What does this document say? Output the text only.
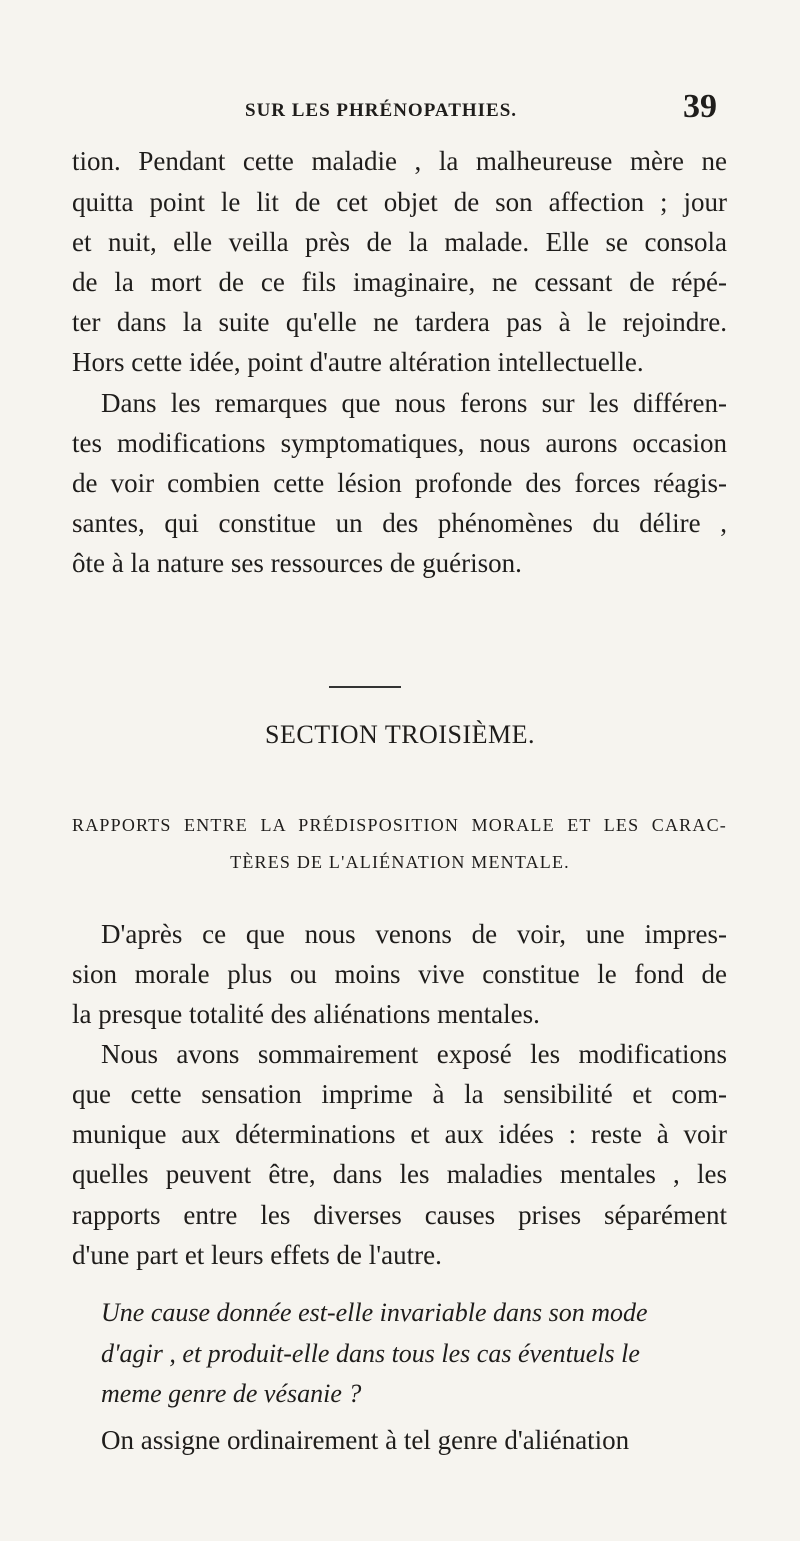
SUR LES PHRÉNOPATHIES.	39
tion. Pendant cette maladie , la malheureuse mère ne
quitta point le lit de cet objet de son affection ; jour
et nuit, elle veilla près de la malade. Elle se consola
de la mort de ce fils imaginaire, ne cessant de répé-
ter dans la suite qu'elle ne tardera pas à le rejoindre.
Hors cette idée, point d'autre altération intellectuelle.
Dans les remarques que nous ferons sur les différen-
tes modifications symptomatiques, nous aurons occasion
de voir combien cette lésion profonde des forces réagis-
santes, qui constitue un des phénomènes du délire ,
ôte à la nature ses ressources de guérison.
SECTION TROISIÈME.
RAPPORTS ENTRE LA PRÉDISPOSITION MORALE ET LES CARAC-
TÈRES DE L'ALIÉNATION MENTALE.
D'après ce que nous venons de voir, une impres-
sion morale plus ou moins vive constitue le fond de
la presque totalité des aliénations mentales.
Nous avons sommairement exposé les modifications
que cette sensation imprime à la sensibilité et com-
munique aux déterminations et aux idées : reste à voir
quelles peuvent être, dans les maladies mentales , les
rapports entre les diverses causes prises séparément
d'une part et leurs effets de l'autre.
Une cause donnée est-elle invariable dans son mode
d'agir , et produit-elle dans tous les cas éventuels le
meme genre de vésanie ?
On assigne ordinairement à tel genre d'aliénation
